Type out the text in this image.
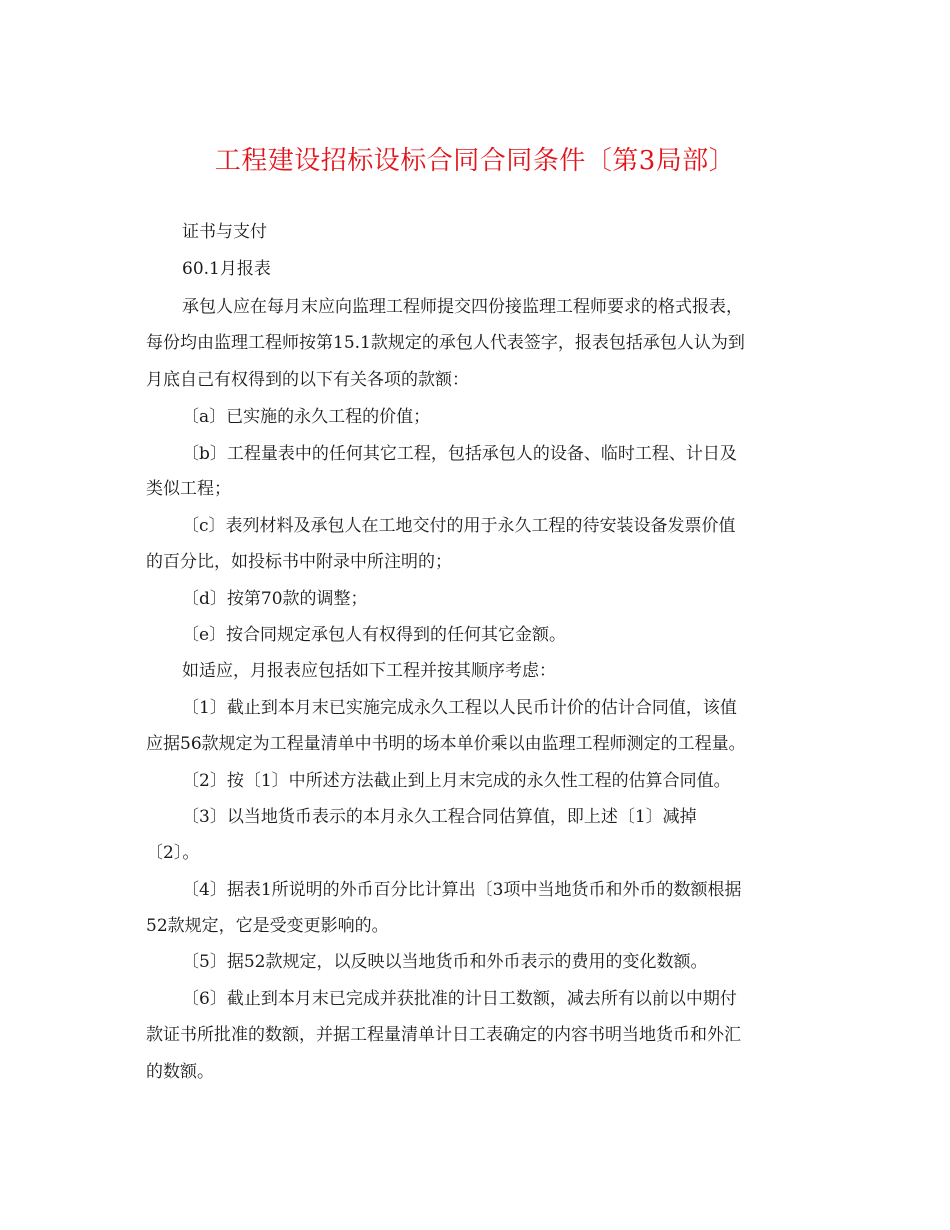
工程建设招标设标合同合同条件〔第3局部〕
证书与支付
60.1月报表
承包人应在每月末应向监理工程师提交四份接监理工程师要求的格式报表，
每份均由监理工程师按第15.1款规定的承包人代表签字，报表包括承包人认为到
月底自己有权得到的以下有关各项的款额：
〔a〕已实施的永久工程的价值；
〔b〕工程量表中的任何其它工程，包括承包人的设备、临时工程、计日及
类似工程；
〔c〕表列材料及承包人在工地交付的用于永久工程的待安装设备发票价值
的百分比，如投标书中附录中所注明的；
〔d〕按第70款的调整；
〔e〕按合同规定承包人有权得到的任何其它金额。
如适应，月报表应包括如下工程并按其顺序考虑：
〔1〕截止到本月末已实施完成永久工程以人民币计价的估计合同值，该值
应据56款规定为工程量清单中书明的场本单价乘以由监理工程师测定的工程量。
〔2〕按〔1〕中所述方法截止到上月末完成的永久性工程的估算合同值。
〔3〕以当地货币表示的本月永久工程合同估算值，即上述〔1〕减掉
〔2〕。
〔4〕据表1所说明的外币百分比计算出〔3项中当地货币和外币的数额根据
52款规定，它是受变更影响的。
〔5〕据52款规定，以反映以当地货币和外币表示的费用的变化数额。
〔6〕截止到本月末已完成并获批准的计日工数额，减去所有以前以中期付
款证书所批准的数额，并据工程量清单计日工表确定的内容书明当地货币和外汇
的数额。
